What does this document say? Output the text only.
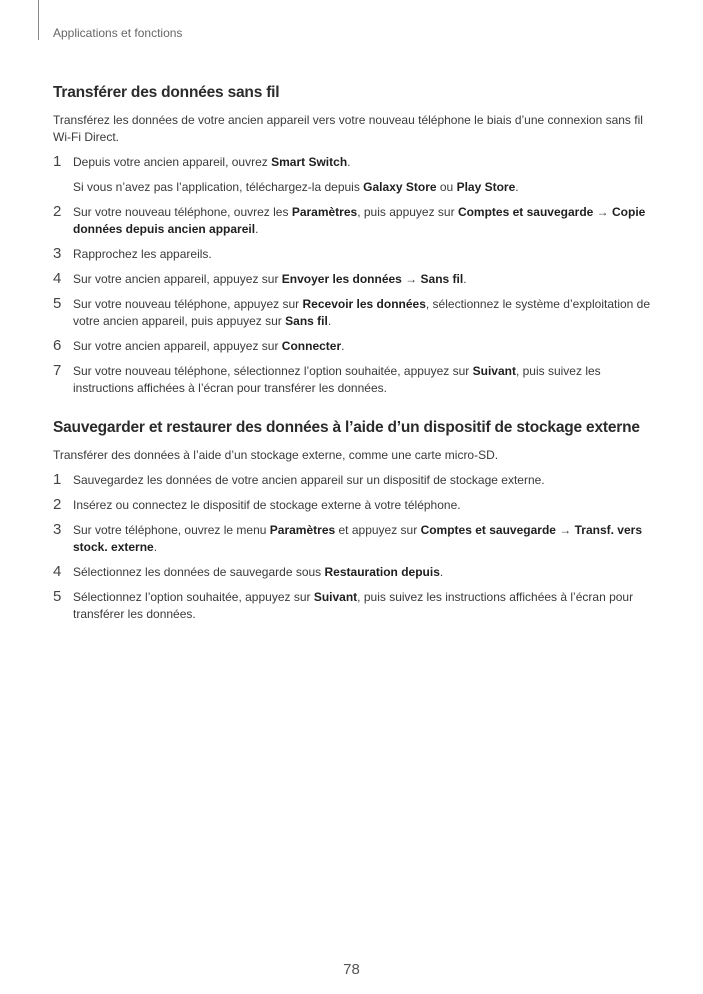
Applications et fonctions
Transférer des données sans fil

Transférez les données de votre ancien appareil vers votre nouveau téléphone le biais d’une connexion sans fil Wi-Fi Direct.

1 Depuis votre ancien appareil, ouvrez Smart Switch.
Si vous n’avez pas l’application, téléchargez-la depuis Galaxy Store ou Play Store.
2 Sur votre nouveau téléphone, ouvrez les Paramètres, puis appuyez sur Comptes et sauvegarde → Copie données depuis ancien appareil.
3 Rapprochez les appareils.
4 Sur votre ancien appareil, appuyez sur Envoyer les données → Sans fil.
5 Sur votre nouveau téléphone, appuyez sur Recevoir les données, sélectionnez le système d’exploitation de votre ancien appareil, puis appuyez sur Sans fil.
6 Sur votre ancien appareil, appuyez sur Connecter.
7 Sur votre nouveau téléphone, sélectionnez l’option souhaitée, appuyez sur Suivant, puis suivez les instructions affichées à l’écran pour transférer les données.
Sauvegarder et restaurer des données à l’aide d’un dispositif de stockage externe

Transférer des données à l’aide d’un stockage externe, comme une carte micro-SD.

1 Sauvegardez les données de votre ancien appareil sur un dispositif de stockage externe.
2 Insérez ou connectez le dispositif de stockage externe à votre téléphone.
3 Sur votre téléphone, ouvrez le menu Paramètres et appuyez sur Comptes et sauvegarde → Transf. vers stock. externe.
4 Sélectionnez les données de sauvegarde sous Restauration depuis.
5 Sélectionnez l’option souhaitée, appuyez sur Suivant, puis suivez les instructions affichées à l’écran pour transférer les données.
78
